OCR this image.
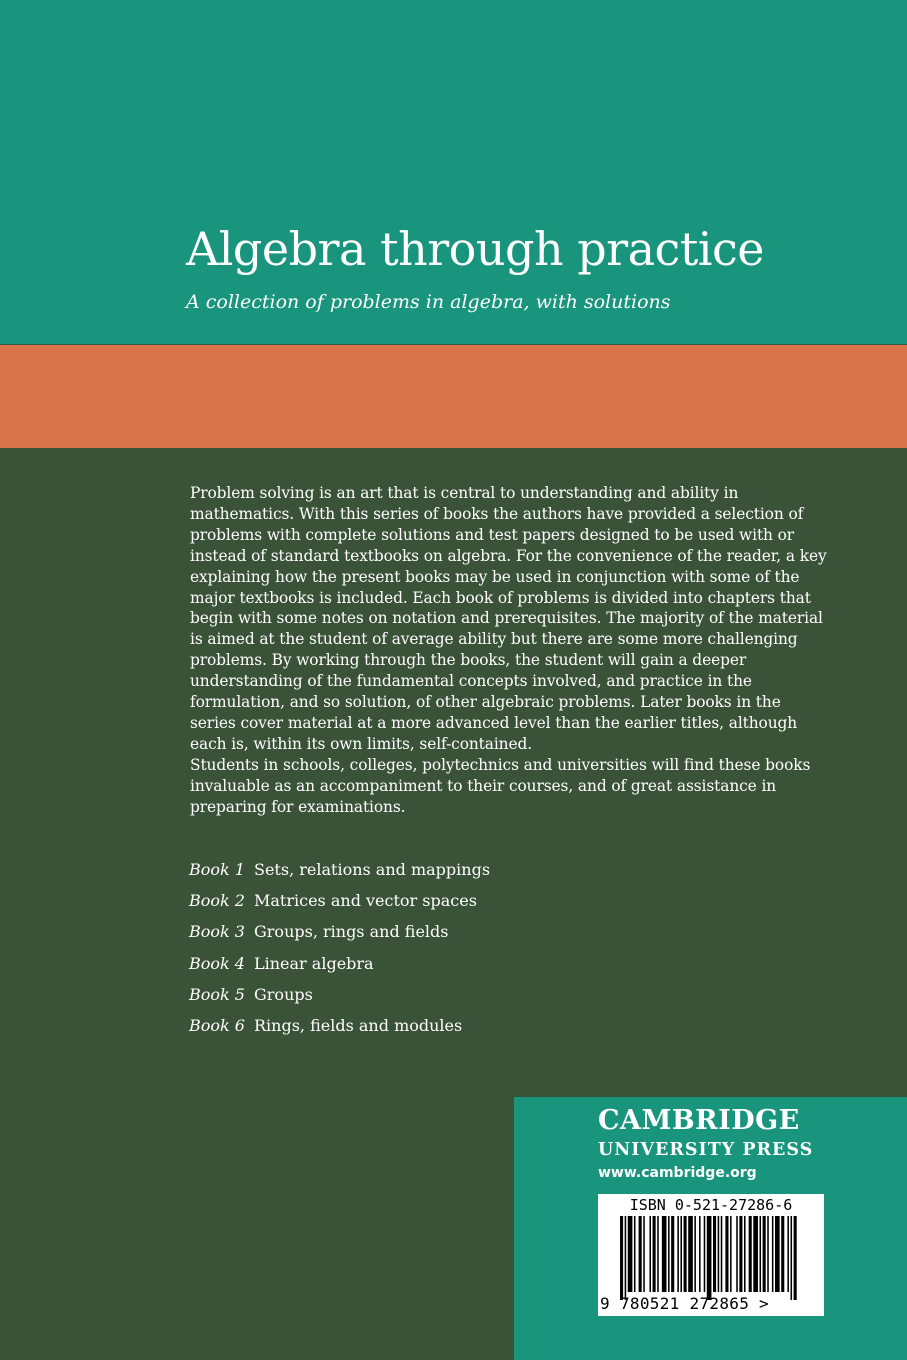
Algebra through practice

A collection of problems in algebra, with solutions

Problem solving is an art that is central to understanding and ability in mathematics. With this series of books the authors have provided a selection of problems with complete solutions and test papers designed to be used with or instead of standard textbooks on algebra. For the convenience of the reader, a key explaining how the present books may be used in conjunction with some of the major textbooks is included. Each book of problems is divided into chapters that begin with some notes on notation and prerequisites. The majority of the material is aimed at the student of average ability but there are some more challenging problems. By working through the books, the student will gain a deeper understanding of the fundamental concepts involved, and practice in the formulation, and so solution, of other algebraic problems. Later books in the series cover material at a more advanced level than the earlier titles, although each is, within its own limits, self-contained.

Students in schools, colleges, polytechnics and universities will find these books invaluable as an accompaniment to their courses, and of great assistance in preparing for examinations.

Book 1 Sets, relations and mappings
Book 2 Matrices and vector spaces
Book 3 Groups, rings and fields
Book 4 Linear algebra
Book 5 Groups
Book 6 Rings, fields and modules

CAMBRIDGE

UNIVERSITY PRESS

www.cambridge.org

ISBN 0-521-27286-6
9 780521 272865 >
